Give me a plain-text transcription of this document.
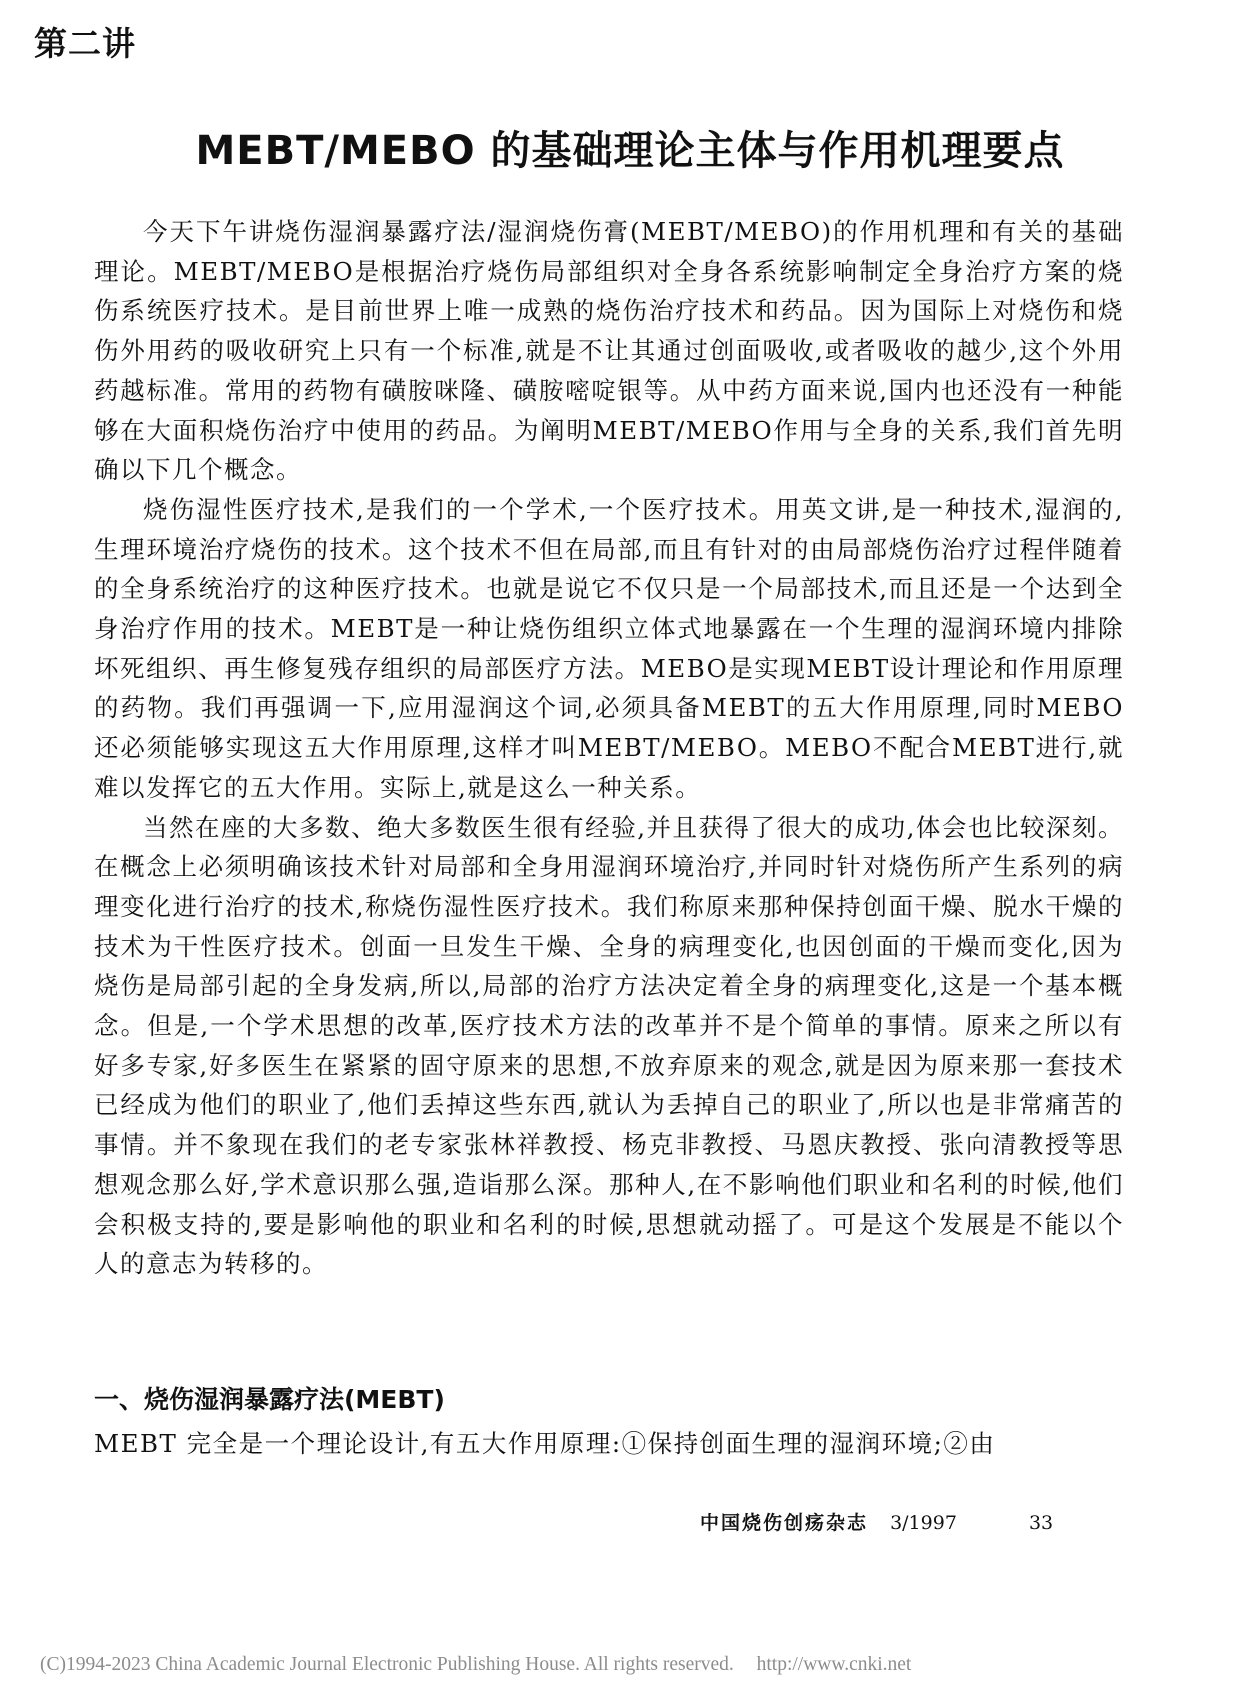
第二讲
MEBT/MEBO 的基础理论主体与作用机理要点

今天下午讲烧伤湿润暴露疗法/湿润烧伤膏(MEBT/MEBO)的作用机理和有关的基础理论。MEBT/MEBO是根据治疗烧伤局部组织对全身各系统影响制定全身治疗方案的烧伤系统医疗技术。是目前世界上唯一成熟的烧伤治疗技术和药品。因为国际上对烧伤和烧伤外用药的吸收研究上只有一个标准,就是不让其通过创面吸收,或者吸收的越少,这个外用药越标准。常用的药物有磺胺咪隆、磺胺嘧啶银等。从中药方面来说,国内也还没有一种能够在大面积烧伤治疗中使用的药品。为阐明MEBT/MEBO作用与全身的关系,我们首先明确以下几个概念。

烧伤湿性医疗技术,是我们的一个学术,一个医疗技术。用英文讲,是一种技术,湿润的,生理环境治疗烧伤的技术。这个技术不但在局部,而且有针对的由局部烧伤治疗过程伴随着的全身系统治疗的这种医疗技术。也就是说它不仅只是一个局部技术,而且还是一个达到全身治疗作用的技术。MEBT是一种让烧伤组织立体式地暴露在一个生理的湿润环境内排除坏死组织、再生修复残存组织的局部医疗方法。MEBO是实现MEBT设计理论和作用原理的药物。我们再强调一下,应用湿润这个词,必须具备MEBT的五大作用原理,同时MEBO还必须能够实现这五大作用原理,这样才叫MEBT/MEBO。MEBO不配合MEBT进行,就难以发挥它的五大作用。实际上,就是这么一种关系。

当然在座的大多数、绝大多数医生很有经验,并且获得了很大的成功,体会也比较深刻。在概念上必须明确该技术针对局部和全身用湿润环境治疗,并同时针对烧伤所产生系列的病理变化进行治疗的技术,称烧伤湿性医疗技术。我们称原来那种保持创面干燥、脱水干燥的技术为干性医疗技术。创面一旦发生干燥、全身的病理变化,也因创面的干燥而变化,因为烧伤是局部引起的全身发病,所以,局部的治疗方法决定着全身的病理变化,这是一个基本概念。但是,一个学术思想的改革,医疗技术方法的改革并不是个简单的事情。原来之所以有好多专家,好多医生在紧紧的固守原来的思想,不放弃原来的观念,就是因为原来那一套技术已经成为他们的职业了,他们丢掉这些东西,就认为丢掉自己的职业了,所以也是非常痛苦的事情。并不象现在我们的老专家张林祥教授、杨克非教授、马恩庆教授、张向清教授等思想观念那么好,学术意识那么强,造诣那么深。那种人,在不影响他们职业和名利的时候,他们会积极支持的,要是影响他的职业和名利的时候,思想就动摇了。可是这个发展是不能以个人的意志为转移的。

一、烧伤湿润暴露疗法(MEBT)

MEBT 完全是一个理论设计,有五大作用原理:①保持创面生理的湿润环境;②由

中国烧伤创疡杂志 3/1997	33
(C)1994-2023 China Academic Journal Electronic Publishing House. All rights reserved. http://www.cnki.net
